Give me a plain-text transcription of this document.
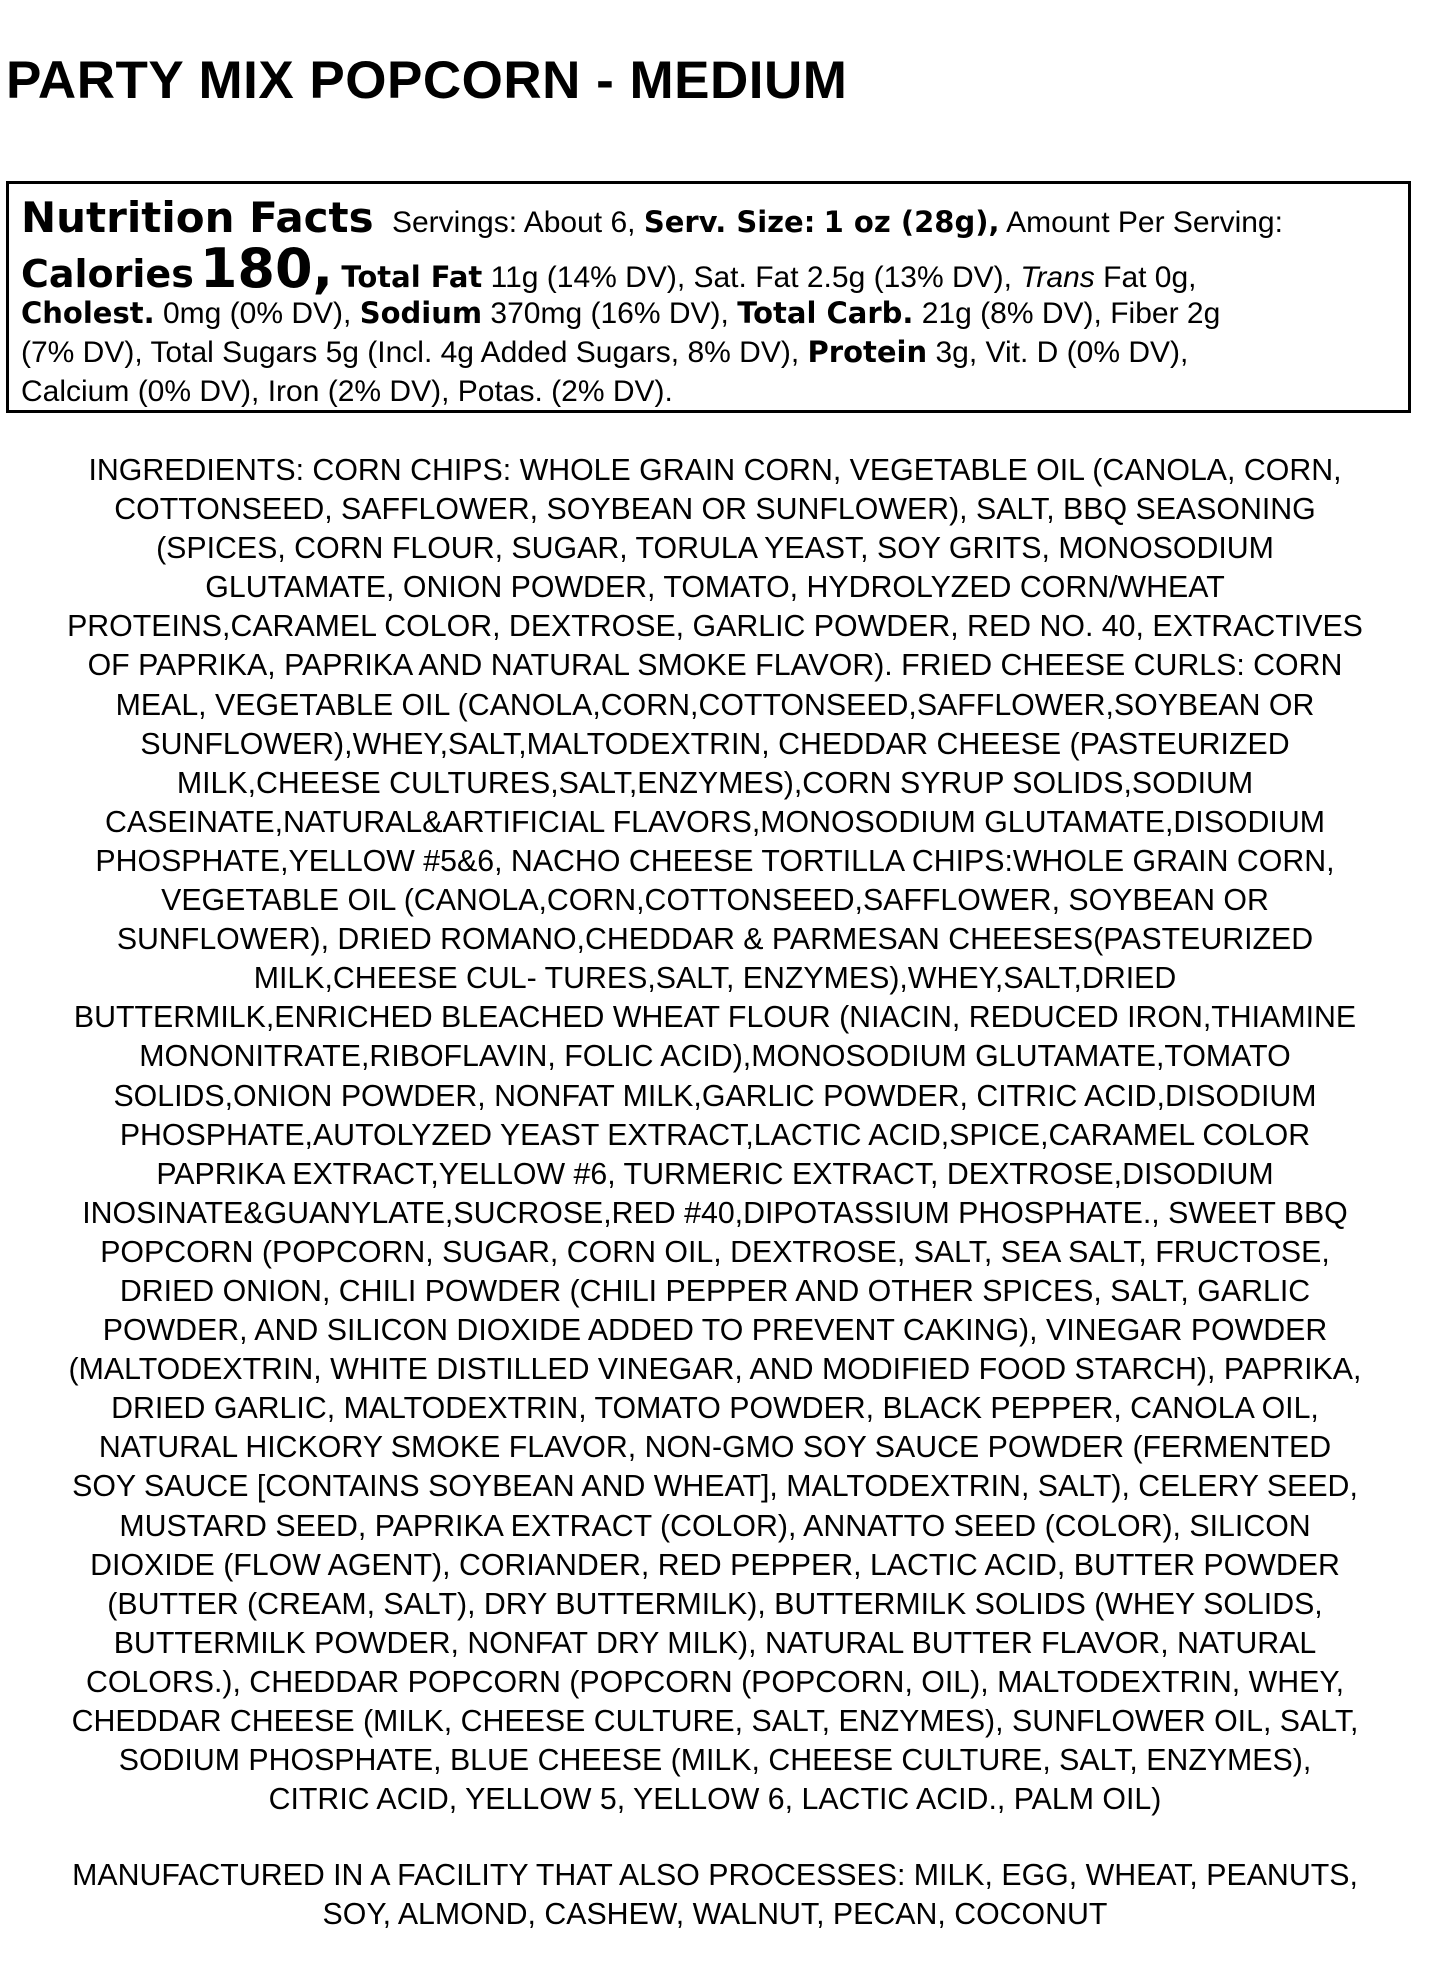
PARTY MIX POPCORN - MEDIUM
Nutrition Facts Servings: About 6, Serv. Size: 1 oz (28g), Amount Per Serving:
Calories 180, Total Fat 11g (14% DV), Sat. Fat 2.5g (13% DV), Trans Fat 0g,
Cholest. 0mg (0% DV), Sodium 370mg (16% DV), Total Carb. 21g (8% DV), Fiber 2g
(7% DV), Total Sugars 5g (Incl. 4g Added Sugars, 8% DV), Protein 3g, Vit. D (0% DV),
Calcium (0% DV), Iron (2% DV), Potas. (2% DV).
INGREDIENTS: CORN CHIPS: WHOLE GRAIN CORN, VEGETABLE OIL (CANOLA, CORN,
COTTONSEED, SAFFLOWER, SOYBEAN OR SUNFLOWER), SALT, BBQ SEASONING
(SPICES, CORN FLOUR, SUGAR, TORULA YEAST, SOY GRITS, MONOSODIUM
GLUTAMATE, ONION POWDER, TOMATO, HYDROLYZED CORN/WHEAT
PROTEINS,CARAMEL COLOR, DEXTROSE, GARLIC POWDER, RED NO. 40, EXTRACTIVES
OF PAPRIKA, PAPRIKA AND NATURAL SMOKE FLAVOR). FRIED CHEESE CURLS: CORN
MEAL, VEGETABLE OIL (CANOLA,CORN,COTTONSEED,SAFFLOWER,SOYBEAN OR
SUNFLOWER),WHEY,SALT,MALTODEXTRIN, CHEDDAR CHEESE (PASTEURIZED
MILK,CHEESE CULTURES,SALT,ENZYMES),CORN SYRUP SOLIDS,SODIUM
CASEINATE,NATURAL&ARTIFICIAL FLAVORS,MONOSODIUM GLUTAMATE,DISODIUM
PHOSPHATE,YELLOW #5&6, NACHO CHEESE TORTILLA CHIPS:WHOLE GRAIN CORN,
VEGETABLE OIL (CANOLA,CORN,COTTONSEED,SAFFLOWER, SOYBEAN OR
SUNFLOWER), DRIED ROMANO,CHEDDAR & PARMESAN CHEESES(PASTEURIZED
MILK,CHEESE CUL- TURES,SALT, ENZYMES),WHEY,SALT,DRIED
BUTTERMILK,ENRICHED BLEACHED WHEAT FLOUR (NIACIN, REDUCED IRON,THIAMINE
MONONITRATE,RIBOFLAVIN, FOLIC ACID),MONOSODIUM GLUTAMATE,TOMATO
SOLIDS,ONION POWDER, NONFAT MILK,GARLIC POWDER, CITRIC ACID,DISODIUM
PHOSPHATE,AUTOLYZED YEAST EXTRACT,LACTIC ACID,SPICE,CARAMEL COLOR
PAPRIKA EXTRACT,YELLOW #6, TURMERIC EXTRACT, DEXTROSE,DISODIUM
INOSINATE&GUANYLATE,SUCROSE,RED #40,DIPOTASSIUM PHOSPHATE., SWEET BBQ
POPCORN (POPCORN, SUGAR, CORN OIL, DEXTROSE, SALT, SEA SALT, FRUCTOSE,
DRIED ONION, CHILI POWDER (CHILI PEPPER AND OTHER SPICES, SALT, GARLIC
POWDER, AND SILICON DIOXIDE ADDED TO PREVENT CAKING), VINEGAR POWDER
(MALTODEXTRIN, WHITE DISTILLED VINEGAR, AND MODIFIED FOOD STARCH), PAPRIKA,
DRIED GARLIC, MALTODEXTRIN, TOMATO POWDER, BLACK PEPPER, CANOLA OIL,
NATURAL HICKORY SMOKE FLAVOR, NON-GMO SOY SAUCE POWDER (FERMENTED
SOY SAUCE [CONTAINS SOYBEAN AND WHEAT], MALTODEXTRIN, SALT), CELERY SEED,
MUSTARD SEED, PAPRIKA EXTRACT (COLOR), ANNATTO SEED (COLOR), SILICON
DIOXIDE (FLOW AGENT), CORIANDER, RED PEPPER, LACTIC ACID, BUTTER POWDER
(BUTTER (CREAM, SALT), DRY BUTTERMILK), BUTTERMILK SOLIDS (WHEY SOLIDS,
BUTTERMILK POWDER, NONFAT DRY MILK), NATURAL BUTTER FLAVOR, NATURAL
COLORS.), CHEDDAR POPCORN (POPCORN (POPCORN, OIL), MALTODEXTRIN, WHEY,
CHEDDAR CHEESE (MILK, CHEESE CULTURE, SALT, ENZYMES), SUNFLOWER OIL, SALT,
SODIUM PHOSPHATE, BLUE CHEESE (MILK, CHEESE CULTURE, SALT, ENZYMES),
CITRIC ACID, YELLOW 5, YELLOW 6, LACTIC ACID., PALM OIL)
MANUFACTURED IN A FACILITY THAT ALSO PROCESSES: MILK, EGG, WHEAT, PEANUTS,
SOY, ALMOND, CASHEW, WALNUT, PECAN, COCONUT
